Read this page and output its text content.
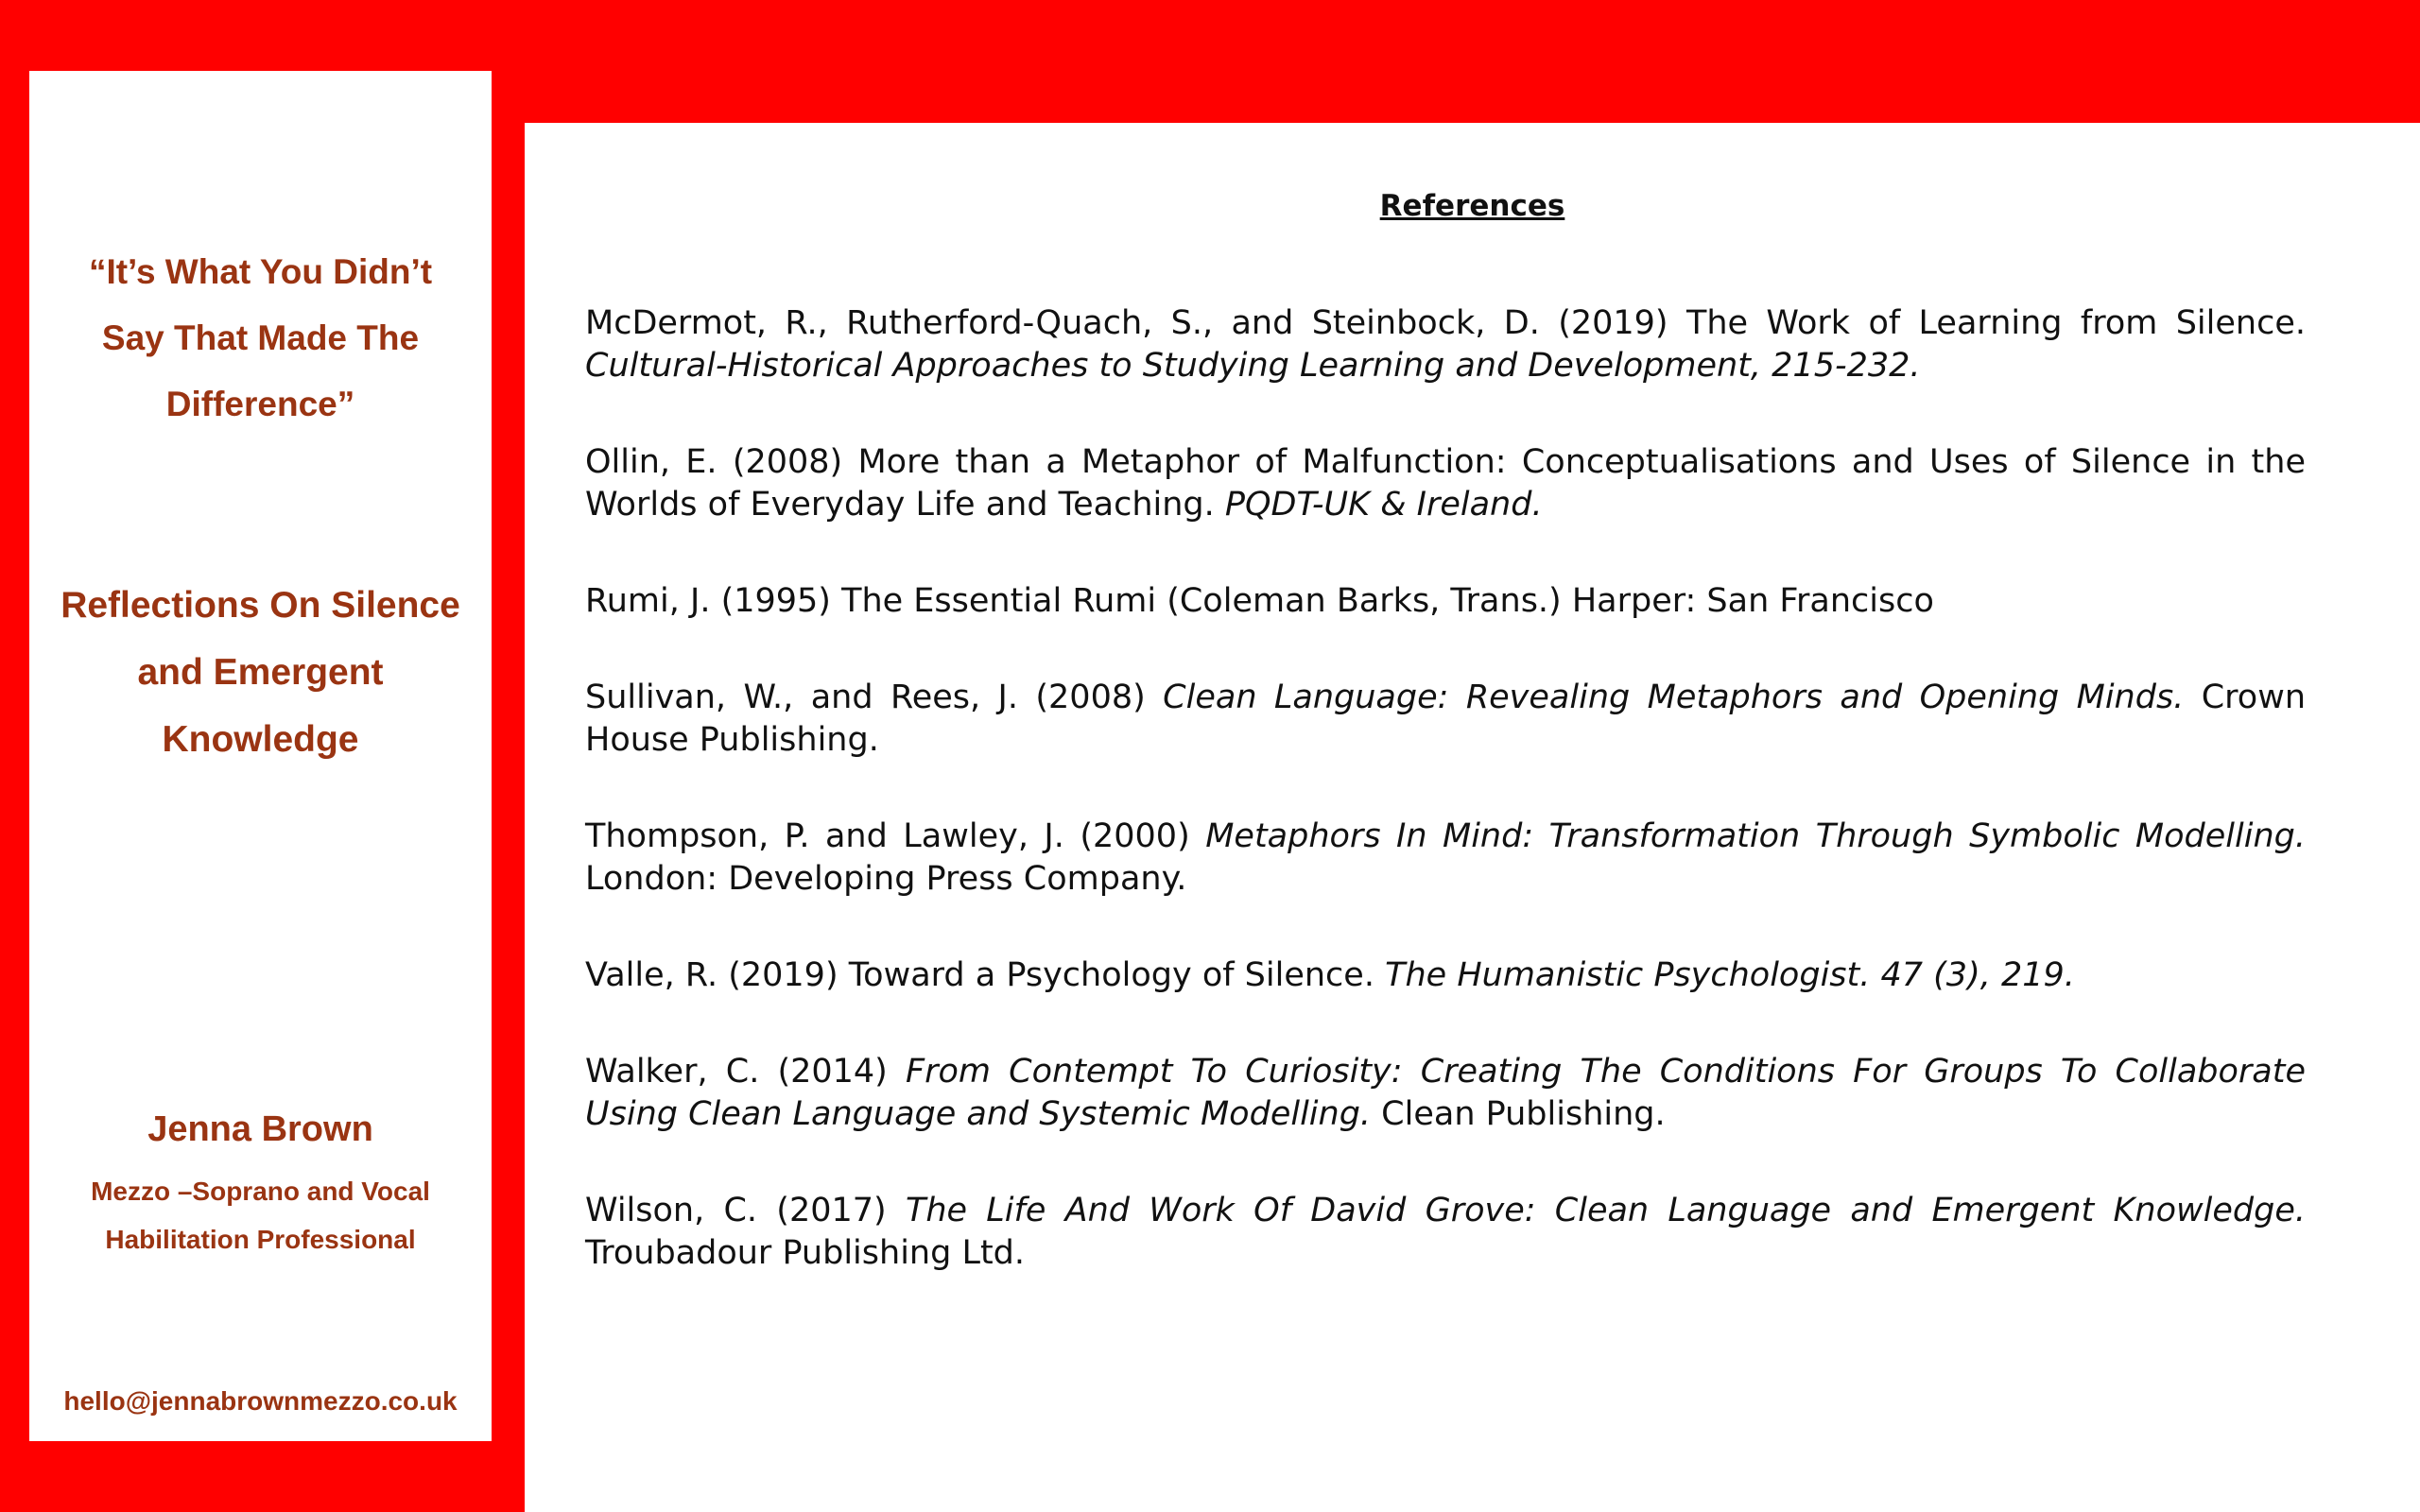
“It’s What You Didn’t
Say That Made The
Difference”
Reflections On Silence
and Emergent
Knowledge
Jenna Brown
Mezzo –Soprano and Vocal
Habilitation Professional
hello@jennabrownmezzo.co.uk
References

McDermot, R., Rutherford-Quach, S., and Steinbock, D. (2019) The Work of Learning from Silence. Cultural-Historical Approaches to Studying Learning and Development, 215-232.

Ollin, E. (2008) More than a Metaphor of Malfunction: Conceptualisations and Uses of Silence in the Worlds of Everyday Life and Teaching. PQDT-UK & Ireland.

Rumi, J. (1995) The Essential Rumi (Coleman Barks, Trans.) Harper: San Francisco

Sullivan, W., and Rees, J. (2008) Clean Language: Revealing Metaphors and Opening Minds. Crown House Publishing.

Thompson, P. and Lawley, J. (2000) Metaphors In Mind: Transformation Through Symbolic Modelling. London: Developing Press Company.

Valle, R. (2019) Toward a Psychology of Silence. The Humanistic Psychologist. 47 (3), 219.

Walker, C. (2014) From Contempt To Curiosity: Creating The Conditions For Groups To Collaborate Using Clean Language and Systemic Modelling. Clean Publishing.

Wilson, C. (2017) The Life And Work Of David Grove: Clean Language and Emergent Knowledge. Troubadour Publishing Ltd.
